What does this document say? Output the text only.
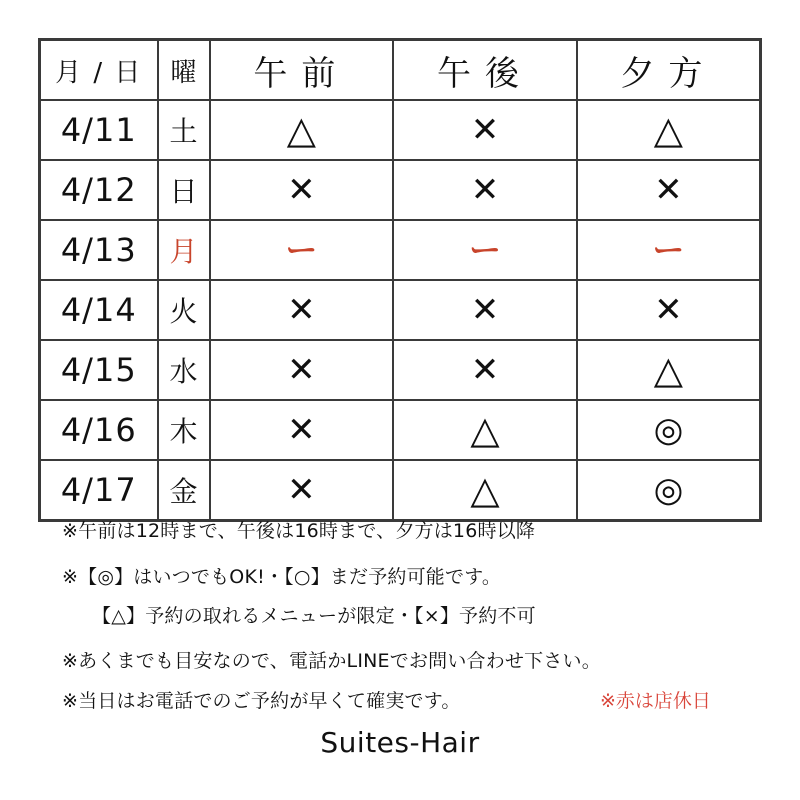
月 / 日	曜	午前	午後	夕方
4/11	土	△	✕	△
4/12	日	✕	✕	✕
4/13	月	ー	ー	ー
4/14	火	✕	✕	✕
4/15	水	✕	✕	△
4/16	木	✕	△	◎
4/17	金	✕	△	◎
※午前は12時まで、午後は16時まで、夕方は16時以降
※【◎】はいつでもOK!・【○】まだ予約可能です。
【△】予約の取れるメニューが限定・【×】予約不可
※あくまでも目安なので、電話かLINEでお問い合わせ下さい。
※当日はお電話でのご予約が早くて確実です。	※赤は店休日
Suites-Hair
